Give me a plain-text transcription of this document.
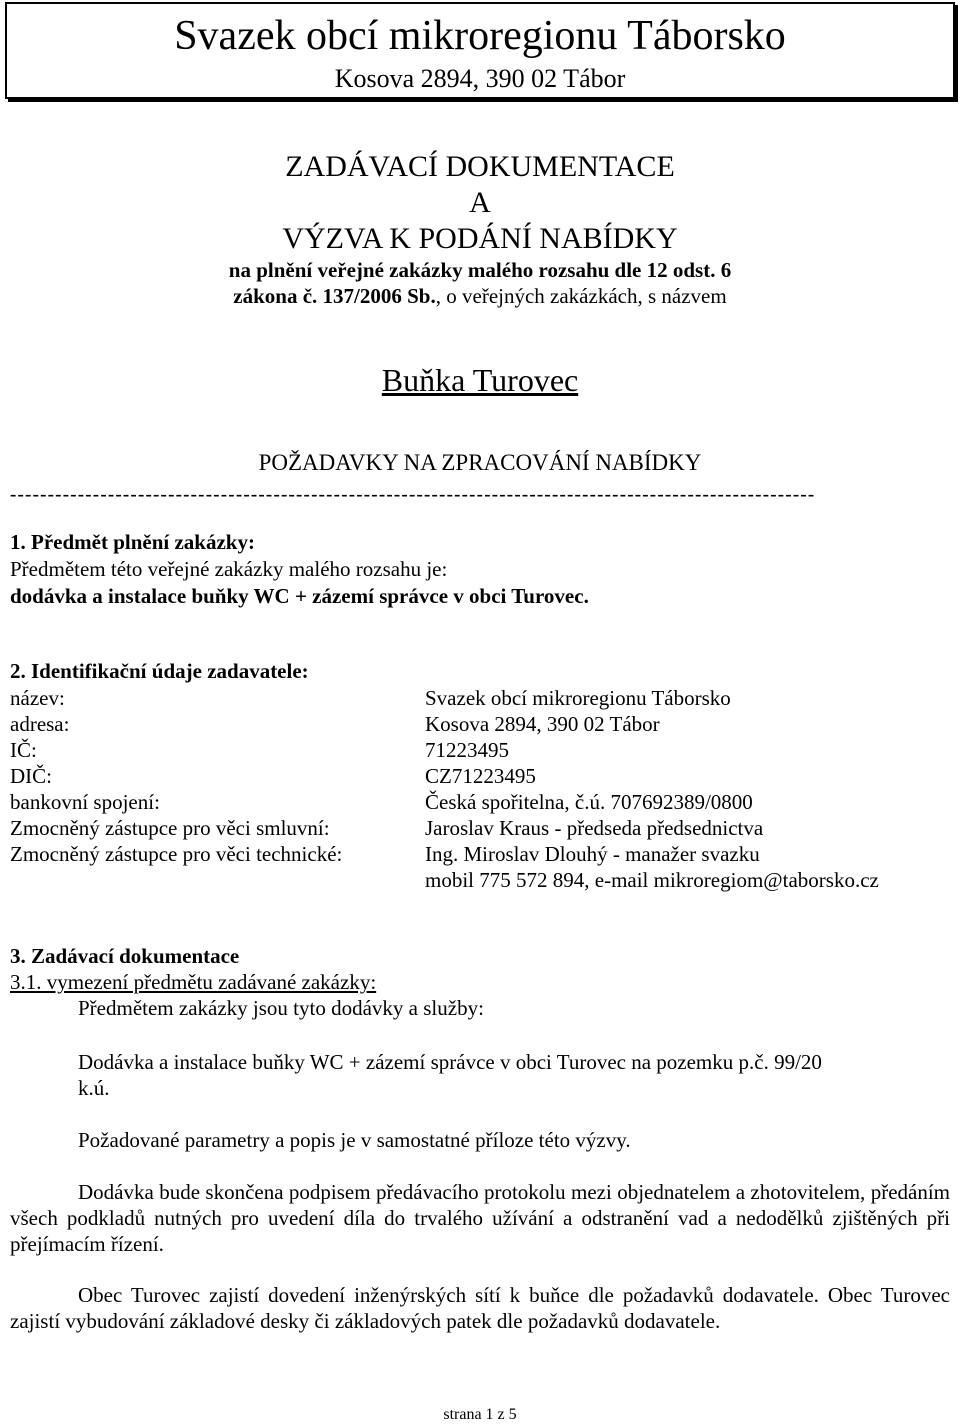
Svazek obcí mikroregionu Táborsko
Kosova 2894, 390 02 Tábor
ZADÁVACÍ DOKUMENTACE
A
VÝZVA K PODÁNÍ NABÍDKY
na plnění veřejné zakázky malého rozsahu dle 12 odst. 6
zákona č. 137/2006 Sb., o veřejných zakázkách, s názvem
Buňka Turovec
POŽADAVKY NA ZPRACOVÁNÍ NABÍDKY
-----------------------------------------------------------------------------------------------------------
1. Předmět plnění zakázky:
Předmětem této veřejné zakázky malého rozsahu je:
dodávka a instalace buňky WC + zázemí správce v obci Turovec.
2. Identifikační údaje zadavatele:
název:	Svazek obcí mikroregionu Táborsko
adresa:	Kosova 2894, 390 02 Tábor
IČ:	71223495
DIČ:	CZ71223495
bankovní spojení:	Česká spořitelna, č.ú. 707692389/0800
Zmocněný zástupce pro věci smluvní:	Jaroslav Kraus - předseda předsednictva
Zmocněný zástupce pro věci technické:	Ing. Miroslav Dlouhý - manažer svazku
mobil 775 572 894, e-mail mikroregiom@taborsko.cz
3. Zadávací dokumentace
3.1. vymezení předmětu zadávané zakázky:
Předmětem zakázky jsou tyto dodávky a služby:
Dodávka a instalace buňky WC + zázemí správce v obci Turovec na pozemku p.č. 99/20
k.ú.
Požadované parametry a popis je v samostatné příloze této výzvy.
Dodávka bude skončena podpisem předávacího protokolu mezi objednatelem a zhotovitelem, předáním všech podkladů nutných pro uvedení díla do trvalého užívání a odstranění vad a nedodělků zjištěných při přejímacím řízení.
Obec Turovec zajistí dovedení inženýrských sítí k buňce dle požadavků dodavatele. Obec Turovec zajistí vybudování základové desky či základových patek dle požadavků dodavatele.
strana 1 z 5
